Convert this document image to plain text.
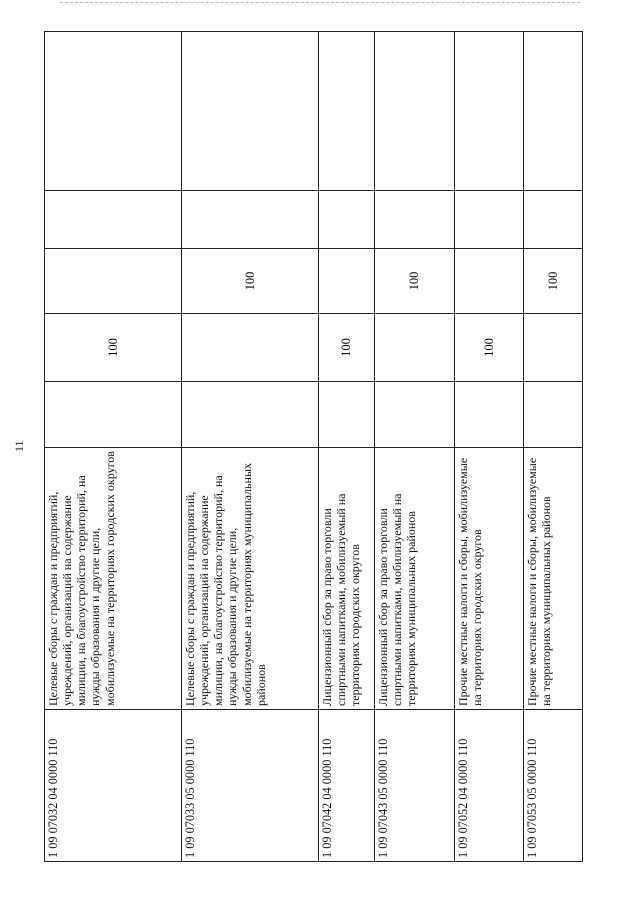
11
1 09 07032 04 0000 110	Целевые сборы с граждан и предприятий, учреждений, организаций на содержание милиции, на благоустройство территорий, на нужды образования и другие цели, мобилизуемые на территориях городских округов		100			
1 09 07033 05 0000 110	Целевые сборы с граждан и предприятий, учреждений, организаций на содержание милиции, на благоустройство территорий, на нужды образования и другие цели, мобилизуемые на территориях муниципальных районов			100		
1 09 07042 04 0000 110	Лицензионный сбор за право торговли спиртными напитками, мобилизуемый на территориях городских округов		100			
1 09 07043 05 0000 110	Лицензионный сбор за право торговли спиртными напитками, мобилизуемый на территориях муниципальных районов			100		
1 09 07052 04 0000 110	Прочие местные налоги и сборы, мобилизуемые на территориях городских округов		100			
1 09 07053 05 0000 110	Прочие местные налоги и сборы, мобилизуемые на территориях муниципальных районов			100		
